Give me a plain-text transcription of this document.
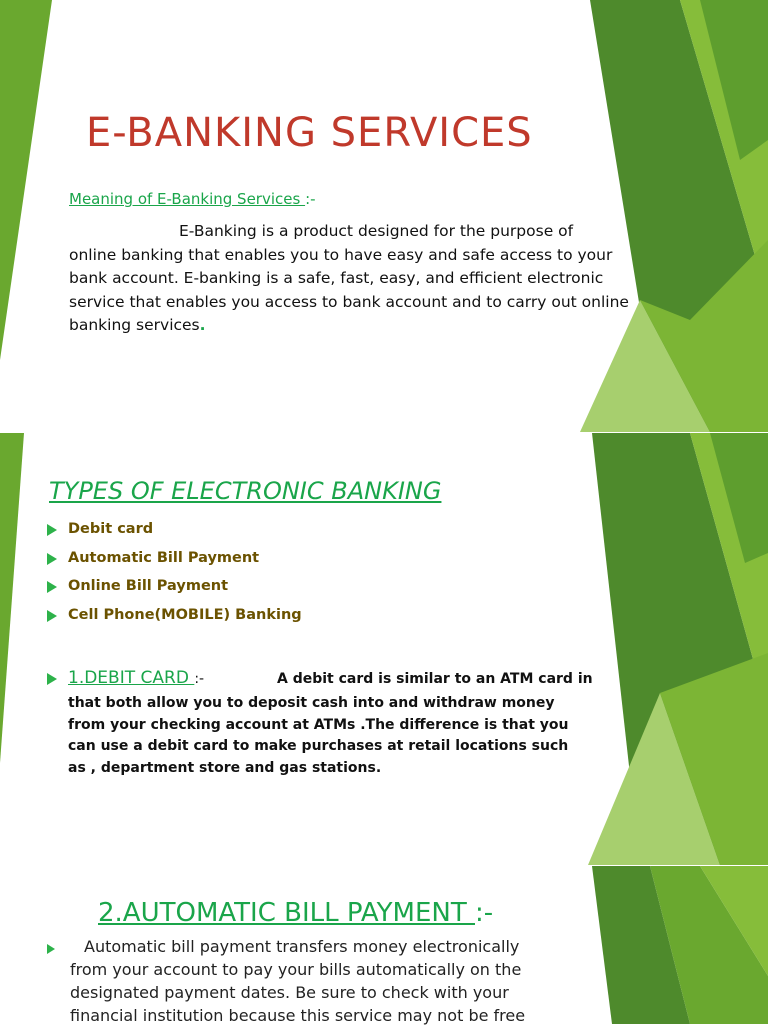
E-BANKING SERVICES
Meaning of E-Banking Services :-
E-Banking is a product designed for the purpose of
online banking that enables you to have easy and safe access to your bank account. E-banking is a safe, fast, easy, and efficient electronic service that enables you access to bank account and to carry out online banking services.
TYPES OF ELECTRONIC BANKING
Debit card
Automatic Bill Payment
Online Bill Payment
Cell Phone(MOBILE) Banking
1.DEBIT CARD :-	A debit card is similar to an ATM card in
that both allow you to deposit cash into and withdraw money from your checking account at ATMs .The difference is that you can use a debit card to make purchases at retail locations such as , department store and gas stations.
2.AUTOMATIC BILL PAYMENT :-
Automatic bill payment transfers money electronically
from your account to pay your bills automatically on the designated payment dates. Be sure to check with your financial institution because this service may not be free
